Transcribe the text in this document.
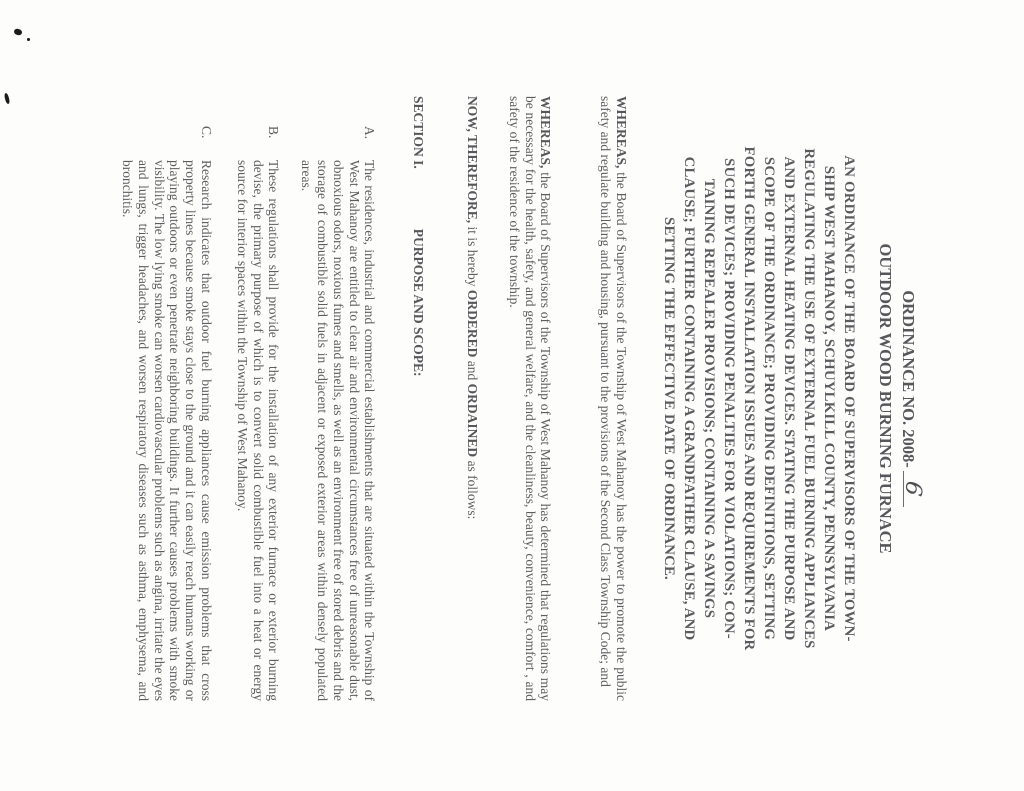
ORDINANCE NO. 2008-
6
OUTDOOR WOOD BURNING FURNACE
AN ORDINANCE OF THE BOARD OF SUPERVISORS OF THE TOWN-
SHIP WEST MAHANOY, SCHUYLKILL COUNTY, PENNSYLVANIA
REGULATING THE USE OF EXTERNAL FUEL BURNING APPLIANCES
AND EXTERNAL HEATING DEVICES. STATING THE PURPOSE AND
SCOPE OF THE ORDINANCE; PROVIDING DEFINITIONS, SETTING
FORTH GENERAL INSTALLATION ISSUES AND REQUIREMENTS FOR
SUCH DEVICES; PROVIDING PENALTIES FOR VIOLATIONS; CON-
TAINING REPEALER PROVISIONS; CONTAINING A SAVINGS
CLAUSE; FURTHER CONTAINING A GRANDFATHER CLAUSE, AND
SETTING THE EFFECTIVE DATE OF ORDINANCE.

WHEREAS, the Board of Supervisors of the Township of West Mahanoy has the power to promote the public safety and regulate building and housing, pursuant to the provisions of the Second Class Township Code; and

WHEREAS, the Board of Supervisors of the Township of West Mahanoy has determined that regulations may be necessary for the health, safety, and general welfare, and the cleanliness, beauty, convenience, comfort , and safety of the residence of the township.

NOW, THEREFORE, it is hereby ORDERED and ORDAINED as follows:

SECTION I.PURPOSE AND SCOPE:
A.
The residences, industrial and commercial establishments that are situated within the Township of West Mahanoy are entitled to clear air and environmental circumstances free of unreasonable dust, obnoxious odors, noxious fumes and smells, as well as an environment free of stored debris and the storage of combustible solid fuels in adjacent or exposed exterior areas within densely populated areas.
B.
These regulations shall provide for the installation of any exterior furnace or exterior burning devise, the primary purpose of which is to convert solid combustible fuel into a heat or energy source for interior spaces within the Township of West Mahanoy.
C.
Research indicates that outdoor fuel burning appliances cause emission problems that cross property lines because smoke stays close to the ground and it can easily reach humans working or playing outdoors or even penetrate neighboring buildings. It further causes problems with smoke visibility. The low lying smoke can worsen cardiovascular problems such as angina, irritate the eyes and lungs, trigger headaches, and worsen respiratory diseases such as asthma, emphysema, and bronchitis.
